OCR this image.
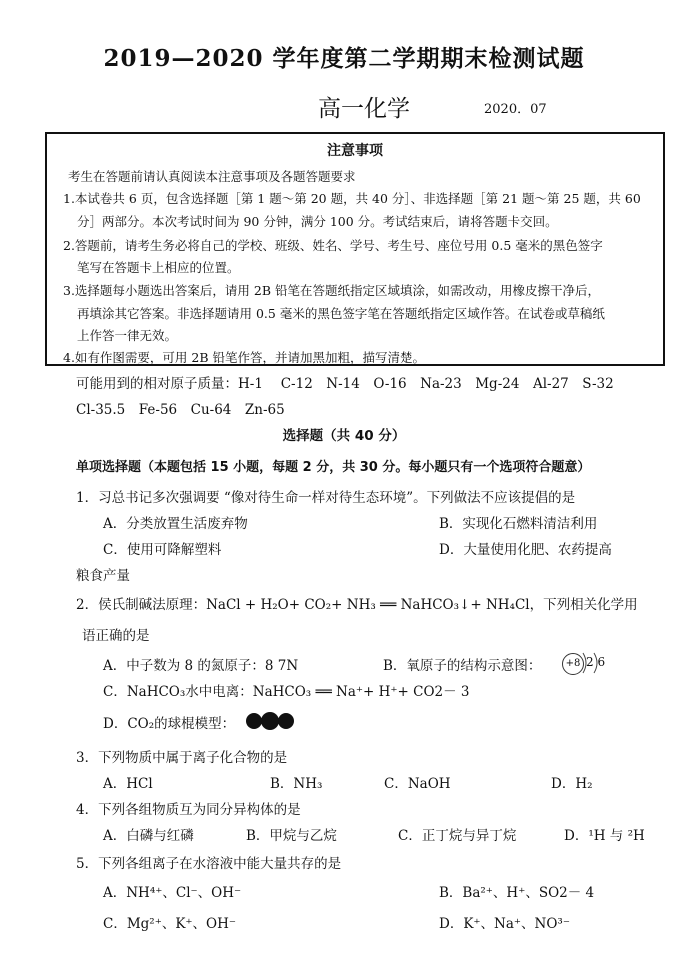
2019—2020 学年度第二学期期末检测试题
高一化学	2020．07
注意事项
考生在答题前请认真阅读本注意事项及各题答题要求
1.本试卷共 6 页，包含选择题［第 1 题～第 20 题，共 40 分］、非选择题［第 21 题～第 25 题，共 60
分］两部分。本次考试时间为 90 分钟，满分 100 分。考试结束后，请将答题卡交回。
2.答题前，请考生务必将自己的学校、班级、姓名、学号、考生号、座位号用 0.5 毫米的黑色签字
笔写在答题卡上相应的位置。
3.选择题每小题选出答案后，请用 2B 铅笔在答题纸指定区域填涂，如需改动，用橡皮擦干净后，
再填涂其它答案。非选择题请用 0.5 毫米的黑色签字笔在答题纸指定区域作答。在试卷或草稿纸
上作答一律无效。
4.如有作图需要，可用 2B 铅笔作答，并请加黑加粗，描写清楚。
可能用到的相对原子质量：H-1　 C-12　N-14　O-16　Na-23　Mg-24　Al-27　S-32
Cl-35.5　Fe-56　Cu-64　Zn-65
选择题（共 40 分）
单项选择题（本题包括 15 小题，每题 2 分，共 30 分。每小题只有一个选项符合题意）
1．习总书记多次强调要 “像对待生命一样对待生态环境”。下列做法不应该提倡的是
A．分类放置生活废弃物	B．实现化石燃料清洁利用
C．使用可降解塑料	D．大量使用化肥、农药提高
粮食产量
2．侯氏制碱法原理：NaCl + H₂O+ CO₂+ NH₃ ══ NaHCO₃↓+ NH₄Cl，下列相关化学用
语正确的是
A．中子数为 8 的氮原子：8 7N	B．氧原子的结构示意图：	+8 2 6
C．NaHCO₃水中电离：NaHCO₃ ══ Na⁺+ H⁺+ CO2－ 3
D．CO₂的球棍模型：
3．下列物质中属于离子化合物的是
A．HCl	B．NH₃	C．NaOH	D．H₂
4．下列各组物质互为同分异构体的是
A．白磷与红磷	B．甲烷与乙烷	C．正丁烷与异丁烷	D．¹H 与 ²H
5．下列各组离子在水溶液中能大量共存的是
A．NH⁴⁺、Cl⁻、OH⁻	B．Ba²⁺、H⁺、SO2－ 4
C．Mg²⁺、K⁺、OH⁻	D．K⁺、Na⁺、NO³⁻
